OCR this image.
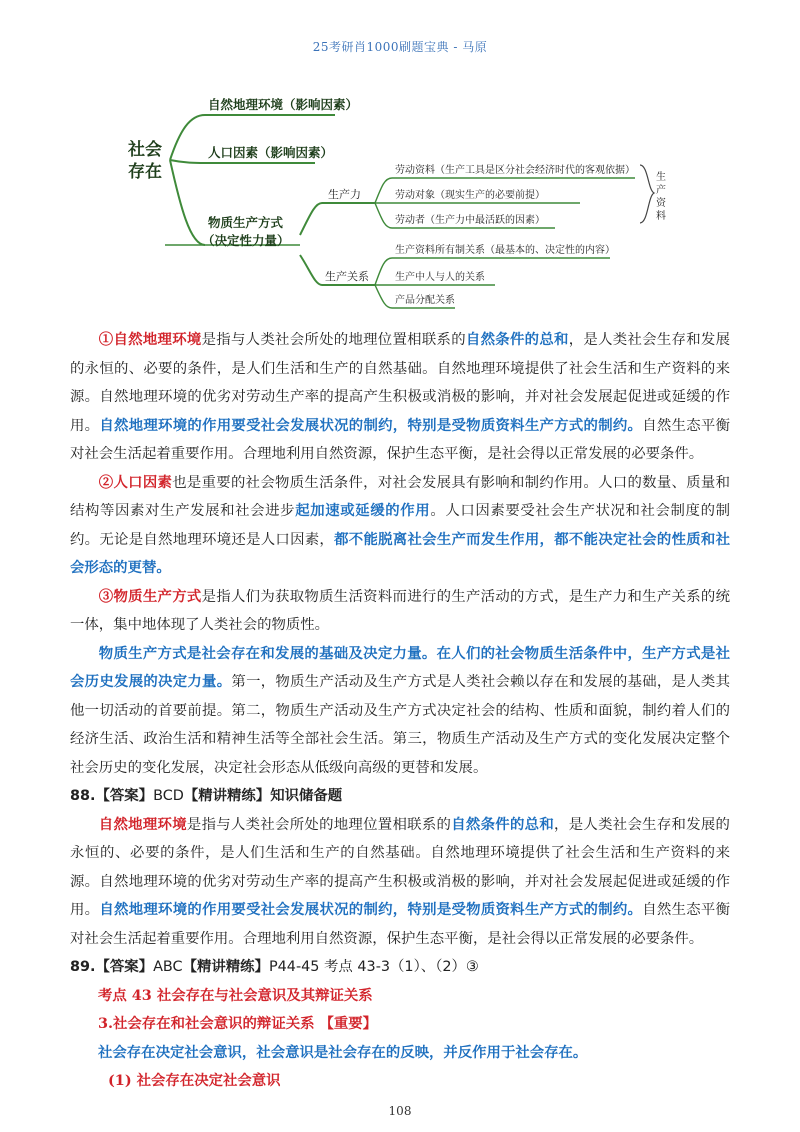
25考研肖1000刷题宝典 - 马原
社会
存在
自然地理环境（影响因素）
人口因素（影响因素）
物质生产方式
（决定性力量）
生产力
生产关系
劳动资料（生产工具是区分社会经济时代的客观依据）
劳动对象（现实生产的必要前提）
劳动者（生产力中最活跃的因素）
生产资料所有制关系（最基本的、决定性的内容）
生产中人与人的关系
产品分配关系
生
产
资
料

①自然地理环境是指与人类社会所处的地理位置相联系的自然条件的总和，是人类社会生存和发展的永恒的、必要的条件，是人们生活和生产的自然基础。自然地理环境提供了社会生活和生产资料的来源。自然地理环境的优劣对劳动生产率的提高产生积极或消极的影响，并对社会发展起促进或延缓的作用。自然地理环境的作用要受社会发展状况的制约，特别是受物质资料生产方式的制约。自然生态平衡对社会生活起着重要作用。合理地利用自然资源，保护生态平衡，是社会得以正常发展的必要条件。

②人口因素也是重要的社会物质生活条件，对社会发展具有影响和制约作用。人口的数量、质量和结构等因素对生产发展和社会进步起加速或延缓的作用。人口因素要受社会生产状况和社会制度的制约。无论是自然地理环境还是人口因素，都不能脱离社会生产而发生作用，都不能决定社会的性质和社会形态的更替。

③物质生产方式是指人们为获取物质生活资料而进行的生产活动的方式，是生产力和生产关系的统一体，集中地体现了人类社会的物质性。

物质生产方式是社会存在和发展的基础及决定力量。在人们的社会物质生活条件中，生产方式是社会历史发展的决定力量。第一，物质生产活动及生产方式是人类社会赖以存在和发展的基础，是人类其他一切活动的首要前提。第二，物质生产活动及生产方式决定社会的结构、性质和面貌，制约着人们的经济生活、政治生活和精神生活等全部社会生活。第三，物质生产活动及生产方式的变化发展决定整个社会历史的变化发展，决定社会形态从低级向高级的更替和发展。

88.【答案】BCD【精讲精练】知识储备题

自然地理环境是指与人类社会所处的地理位置相联系的自然条件的总和，是人类社会生存和发展的永恒的、必要的条件，是人们生活和生产的自然基础。自然地理环境提供了社会生活和生产资料的来源。自然地理环境的优劣对劳动生产率的提高产生积极或消极的影响，并对社会发展起促进或延缓的作用。自然地理环境的作用要受社会发展状况的制约，特别是受物质资料生产方式的制约。自然生态平衡对社会生活起着重要作用。合理地利用自然资源，保护生态平衡，是社会得以正常发展的必要条件。

89.【答案】ABC【精讲精练】P44-45 考点 43-3（1）、（2）③

考点 43 社会存在与社会意识及其辩证关系

3.社会存在和社会意识的辩证关系 【重要】

社会存在决定社会意识，社会意识是社会存在的反映，并反作用于社会存在。

(1) 社会存在决定社会意识

108
